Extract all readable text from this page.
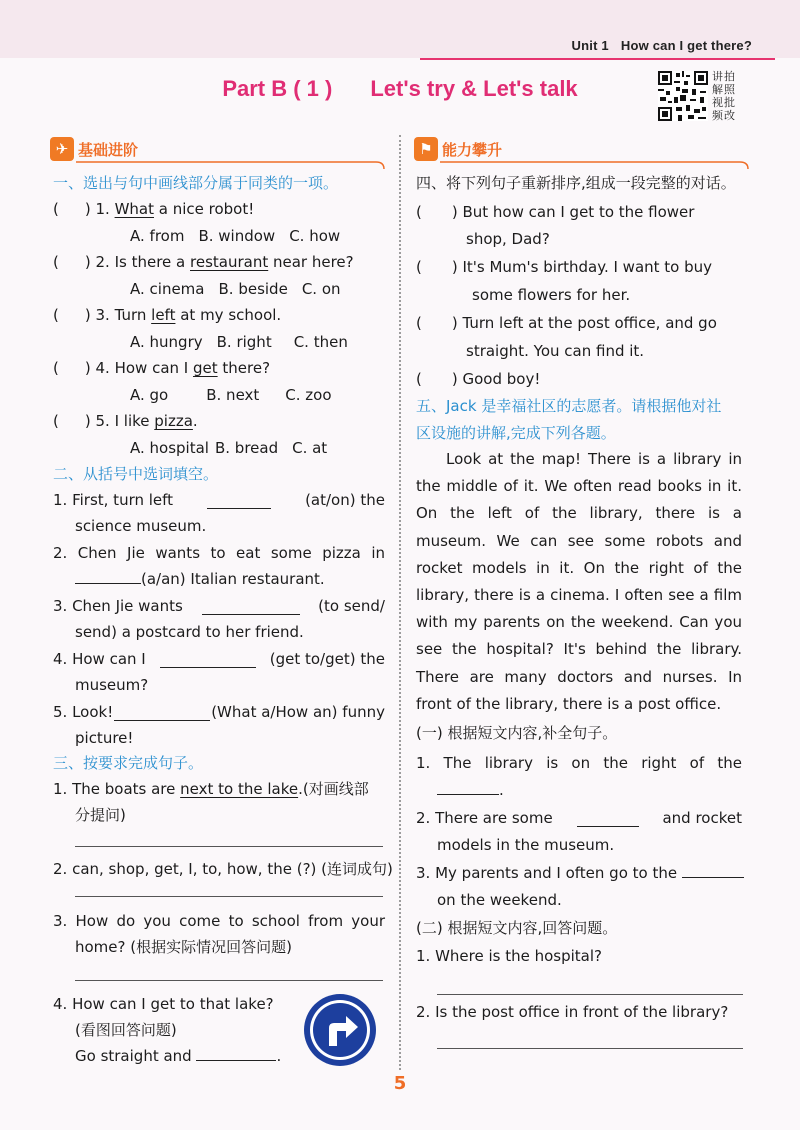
Unit 1 How can I get there?
Part B ( 1 ) Let's try & Let's talk	讲拍
解照
视批
频改
✈ 基础进阶	⚑ 能力攀升
一、选出与句中画线部分属于同类的一项。
( ) 1. What a nice robot!
A. from B. window C. how
( ) 2. Is there a restaurant near here?
A. cinema B. beside C. on
( ) 3. Turn left at my school.
A. hungry B. right C. then
( ) 4. How can I get there?
A. go	B. next C. zoo
( ) 5. I like pizza.
A. hospital B. bread C. at
二、从括号中选词填空。
1. First, turn left	(at/on) the
science museum.
2. Chen Jie wants to eat some pizza in
(a/an) Italian restaurant.
3. Chen Jie wants	(to send/
send) a postcard to her friend.
4. How can I	(get to/get) the
museum?
5. Look!	(What a/How an) funny
picture!
三、按要求完成句子。
1. The boats are next to the lake.(对画线部
分提问)
2. can, shop, get, I, to, how, the (?) (连词成句)
3. How do you come to school from your
home? (根据实际情况回答问题)
4. How can I get to that lake?
(看图回答问题)
Go straight and	.
四、将下列句子重新排序,组成一段完整的对话。
( ) But how can I get to the flower
shop, Dad?
( ) It's Mum's birthday. I want to buy
some flowers for her.
( ) Turn left at the post office, and go
straight. You can find it.
( ) Good boy!
五、Jack 是幸福社区的志愿者。请根据他对社
区设施的讲解,完成下列各题。
Look at the map! There is a library in the middle of it. We often read books in it. On the left of the library, there is a museum. We can see some robots and rocket models in it. On the right of the library, there is a cinema. I often see a film with my parents on the weekend. Can you see the hospital? It's behind the library. There are many doctors and nurses. In front of the library, there is a post office.
(一) 根据短文内容,补全句子。
1. The library is on the right of the
.
2. There are some	and rocket
models in the museum.
3. My parents and I often go to the
on the weekend.
(二) 根据短文内容,回答问题。
1. Where is the hospital?
2. Is the post office in front of the library?
5
